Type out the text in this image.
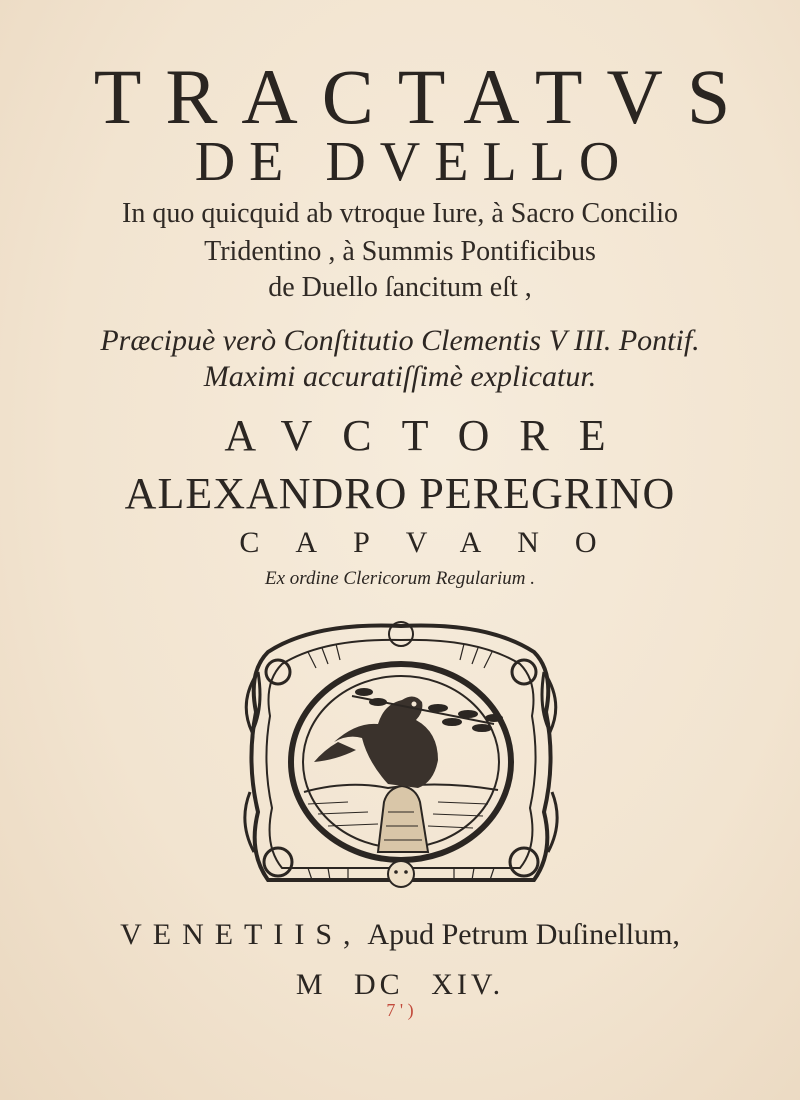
TRACTATVS
DE DVELLO
In quo quicquid ab vtroque Iure, à Sacro Concilio
Tridentino , à Summis Pontificibus
de Duello ſancitum eſt ,
Præcipuè verò Conſtitutio Clementis V III. Pontif.
Maximi accuratiſſimè explicatur.
AVCTORE
ALEXANDRO PEREGRINO
CAPVANO
Ex ordine Clericorum Regularium .
VENETIIS, Apud Petrum Duſinellum,
M DC XIV.
7 ' )
